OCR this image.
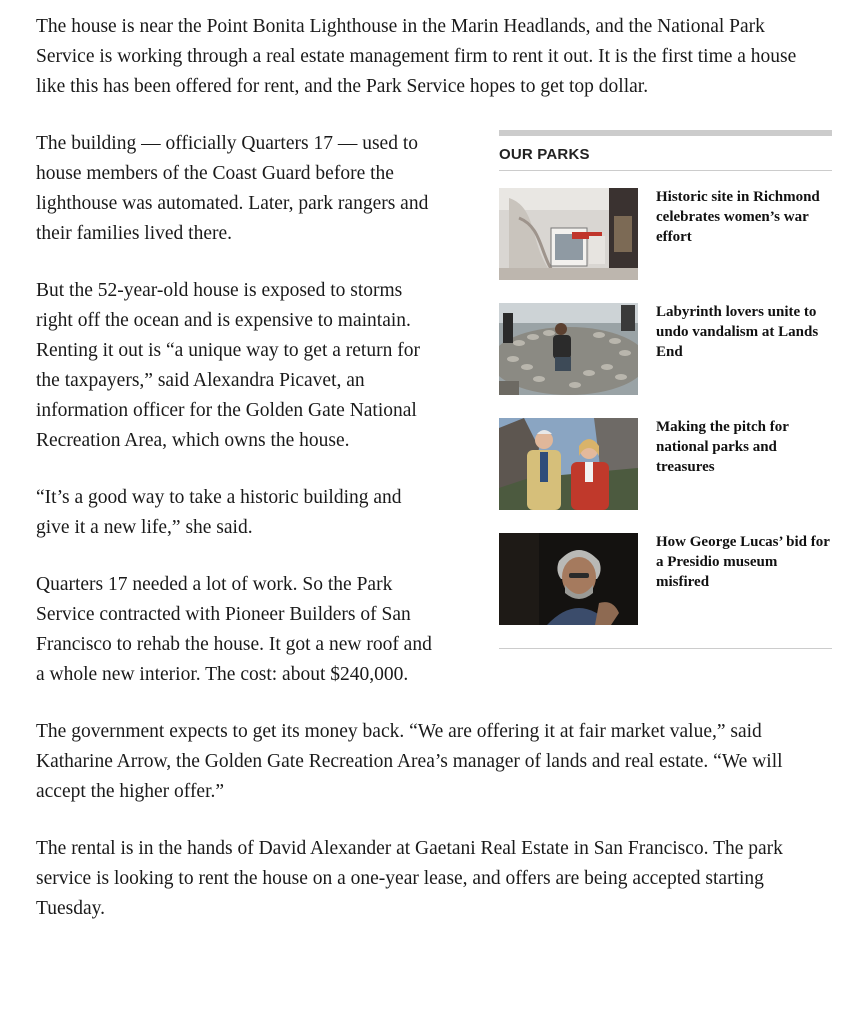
The house is near the Point Bonita Lighthouse in the Marin Headlands, and the National Park Service is working through a real estate management firm to rent it out. It is the first time a house like this has been offered for rent, and the Park Service hopes to get top dollar.

OUR PARKS
Historic site in Richmond celebrates women’s war effort
Labyrinth lovers unite to undo vandalism at Lands End
Making the pitch for national parks and treasures
How George Lucas’ bid for a Presidio museum misfired

The building — officially Quarters 17 — used to house members of the Coast Guard before the lighthouse was automated. Later, park rangers and their families lived there.

But the 52-year-old house is exposed to storms right off the ocean and is expensive to maintain. Renting it out is “a unique way to get a return for the taxpayers,” said Alexandra Picavet, an information officer for the Golden Gate National Recreation Area, which owns the house.

“It’s a good way to take a historic building and give it a new life,” she said.

Quarters 17 needed a lot of work. So the Park Service contracted with Pioneer Builders of San Francisco to rehab the house. It got a new roof and a whole new interior. The cost: about $240,000.

The government expects to get its money back. “We are offering it at fair market value,” said Katharine Arrow, the Golden Gate Recreation Area’s manager of lands and real estate. “We will accept the higher offer.”

The rental is in the hands of David Alexander at Gaetani Real Estate in San Francisco. The park service is looking to rent the house on a one-year lease, and offers are being accepted starting Tuesday.
